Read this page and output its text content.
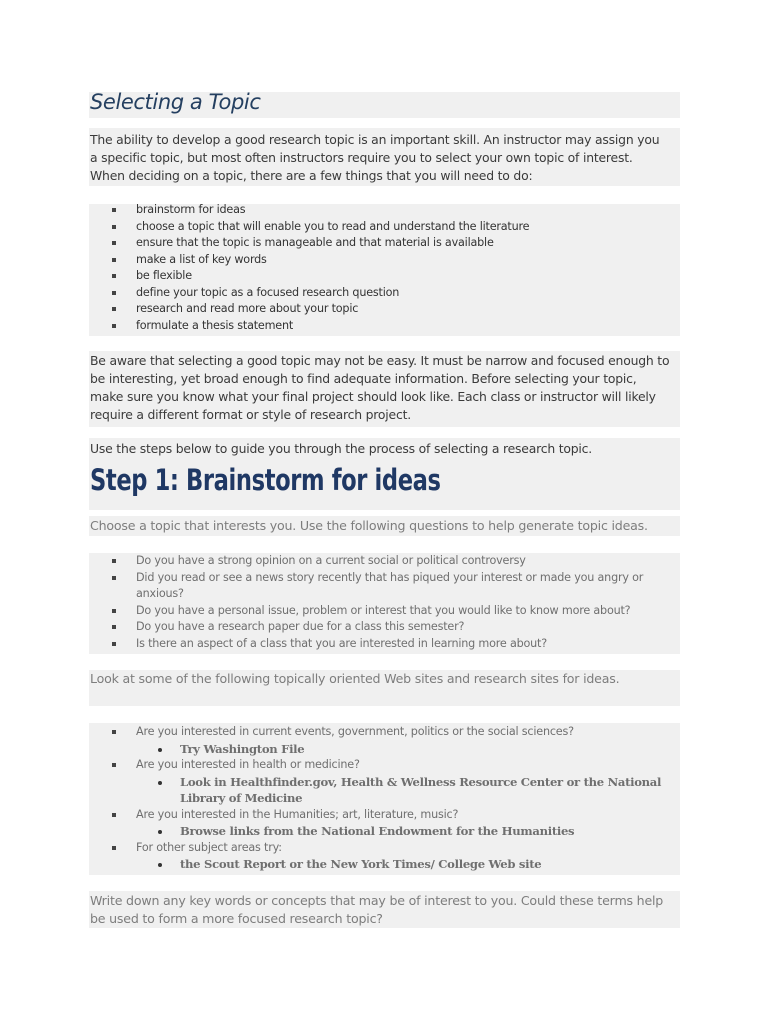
Selecting a Topic

The ability to develop a good research topic is an important skill. An instructor may assign you
a specific topic, but most often instructors require you to select your own topic of interest.
When deciding on a topic, there are a few things that you will need to do:

brainstorm for ideas
choose a topic that will enable you to read and understand the literature
ensure that the topic is manageable and that material is available
make a list of key words
be flexible
define your topic as a focused research question
research and read more about your topic
formulate a thesis statement

Be aware that selecting a good topic may not be easy. It must be narrow and focused enough to
be interesting, yet broad enough to find adequate information. Before selecting your topic,
make sure you know what your final project should look like. Each class or instructor will likely
require a different format or style of research project.

Use the steps below to guide you through the process of selecting a research topic.

Step 1: Brainstorm for ideas

Choose a topic that interests you. Use the following questions to help generate topic ideas.

Do you have a strong opinion on a current social or political controversy
Did you read or see a news story recently that has piqued your interest or made you angry or
anxious?
Do you have a personal issue, problem or interest that you would like to know more about?
Do you have a research paper due for a class this semester?
Is there an aspect of a class that you are interested in learning more about?

Look at some of the following topically oriented Web sites and research sites for ideas.

Are you interested in current events, government, politics or the social sciences?
Try Washington File
Are you interested in health or medicine?
Look in Healthfinder.gov, Health & Wellness Resource Center or the National
Library of Medicine
Are you interested in the Humanities; art, literature, music?
Browse links from the National Endowment for the Humanities
For other subject areas try:
the Scout Report or the New York Times/ College Web site

Write down any key words or concepts that may be of interest to you. Could these terms help
be used to form a more focused research topic?
